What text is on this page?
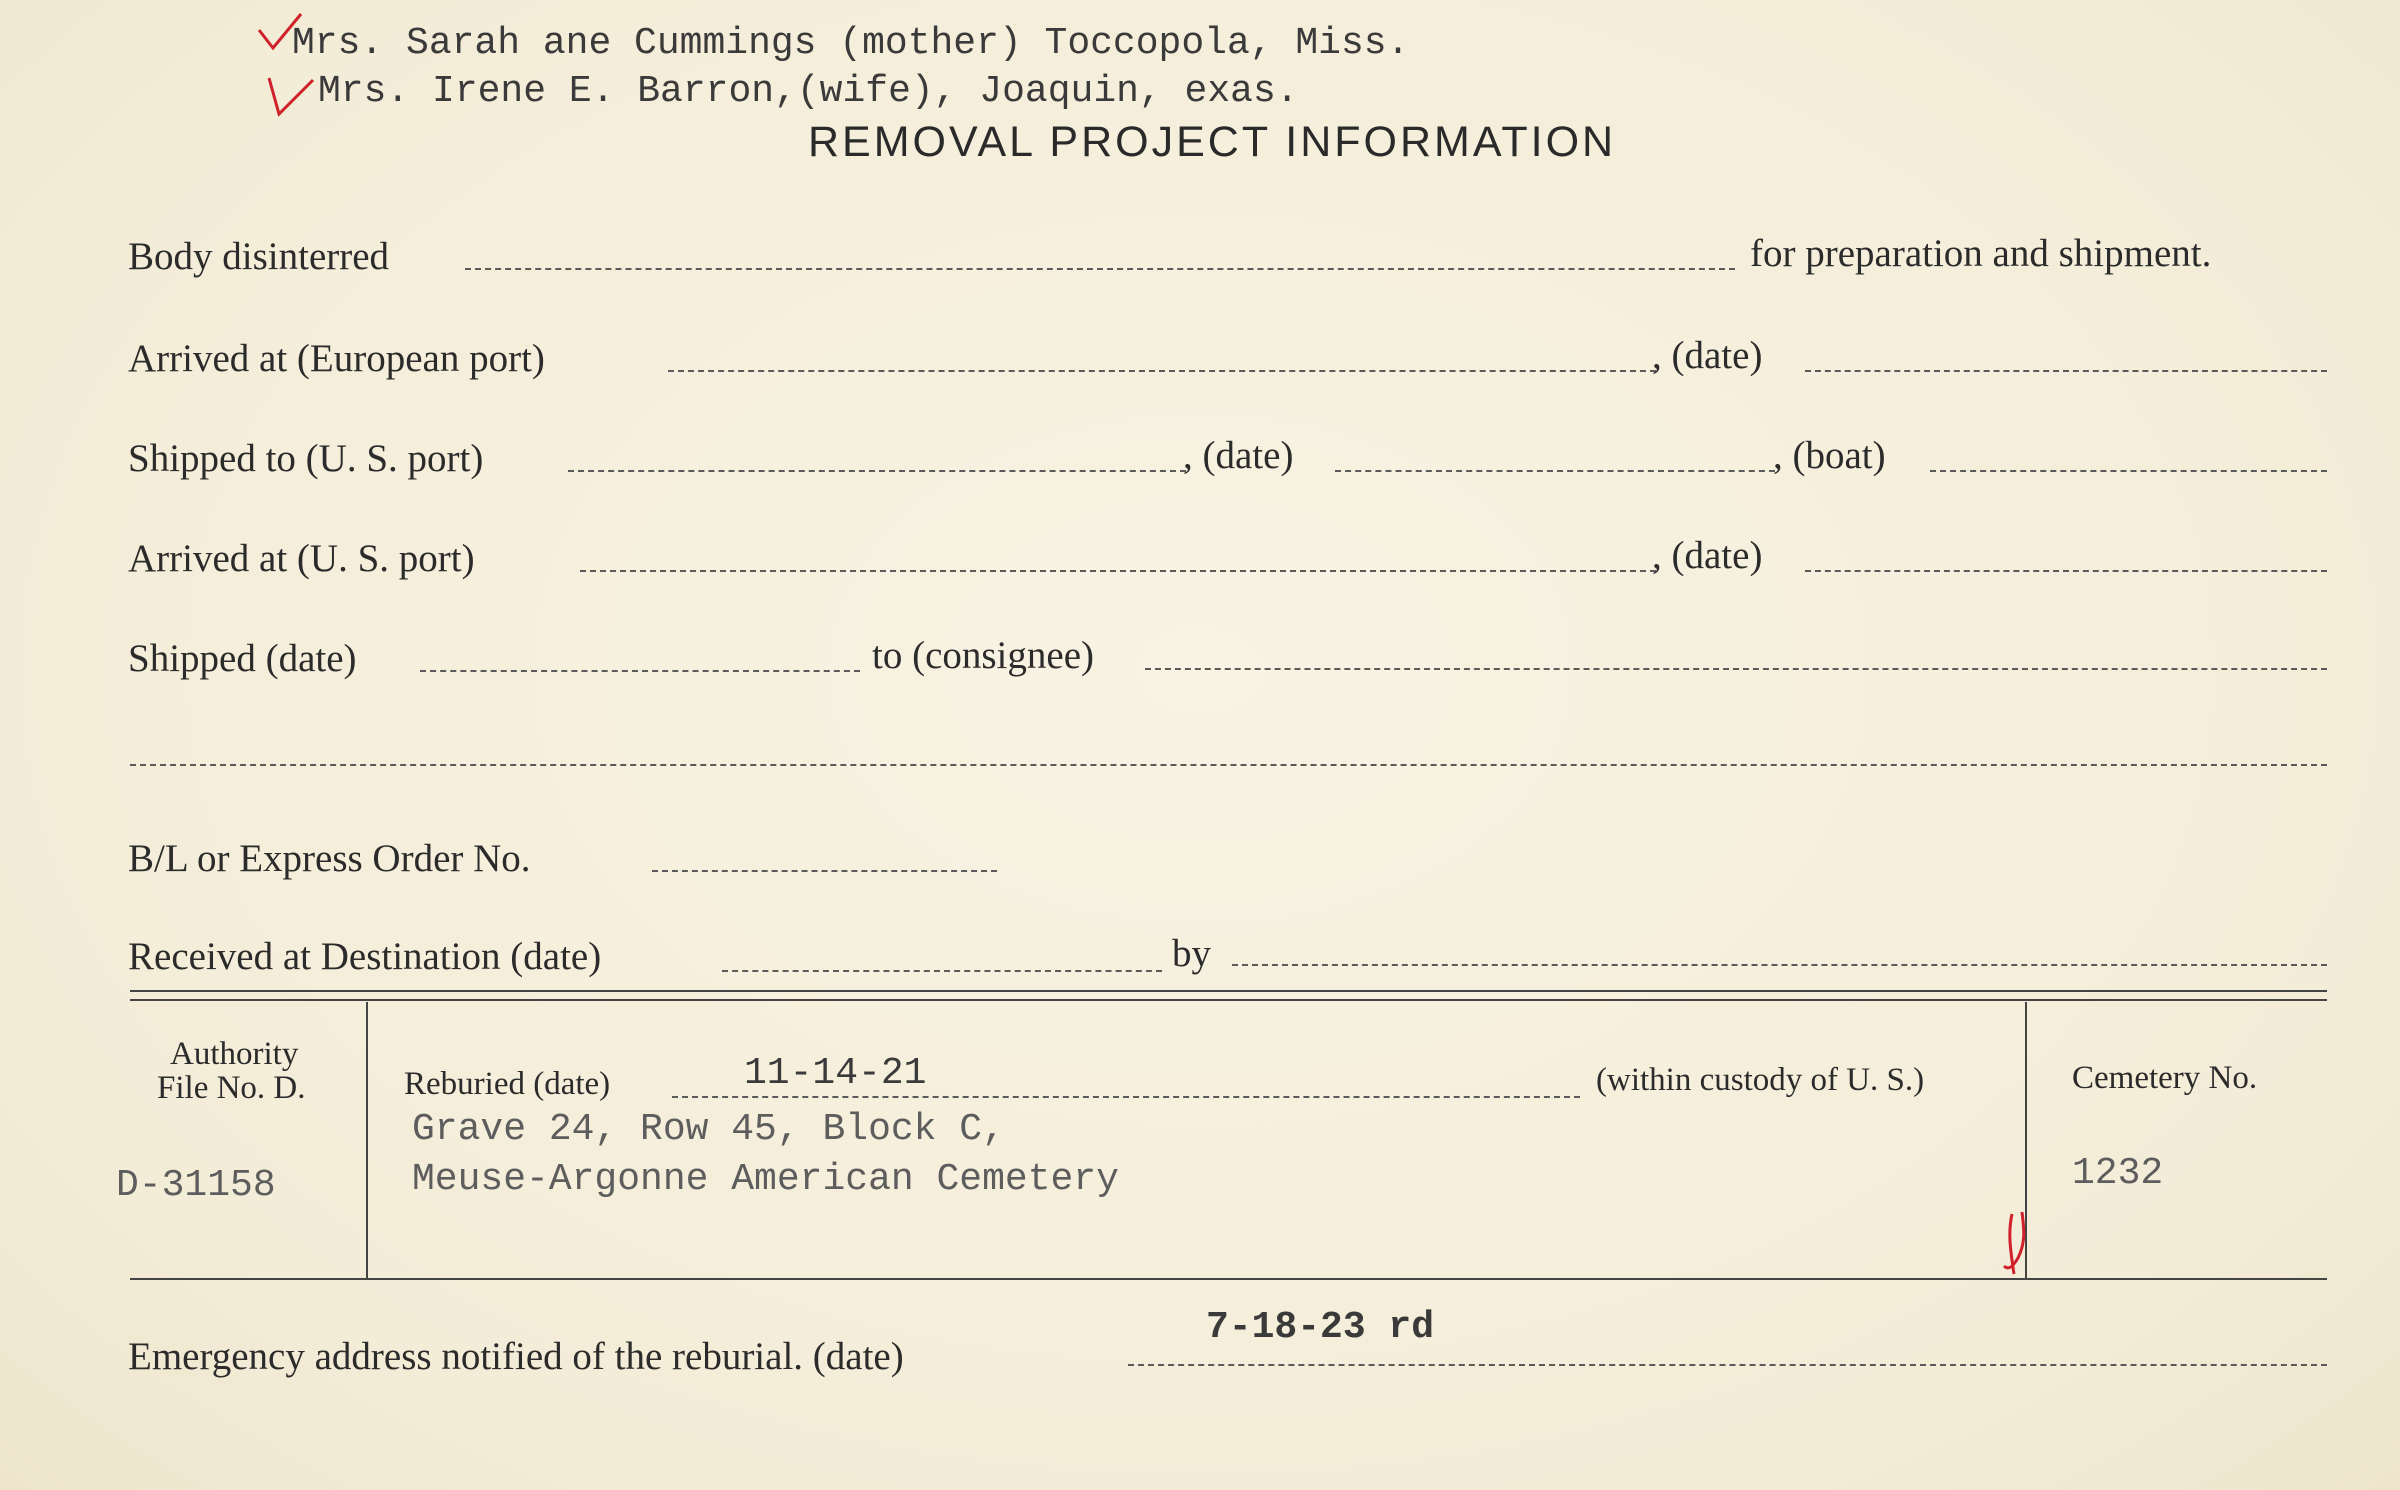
Mrs. Sarah ane Cummings (mother) Toccopola, Miss.
Mrs. Irene E. Barron,(wife), Joaquin, exas.
REMOVAL PROJECT INFORMATION
Body disinterred	for preparation and shipment.
Arrived at (European port)	, (date)
Shipped to (U. S. port)	, (date)	, (boat)
Arrived at (U. S. port)	, (date)
Shipped (date)	to (consignee)
B/L or Express Order No.
Received at Destination (date)	by
Authority
File No. D.
D-31158
Reburied (date)	11-14-21	(within custody of U. S.)
Grave 24, Row 45, Block C,
Meuse-Argonne American Cemetery
Cemetery No.
1232
Emergency address notified of the reburial. (date)
7-18-23 rd
